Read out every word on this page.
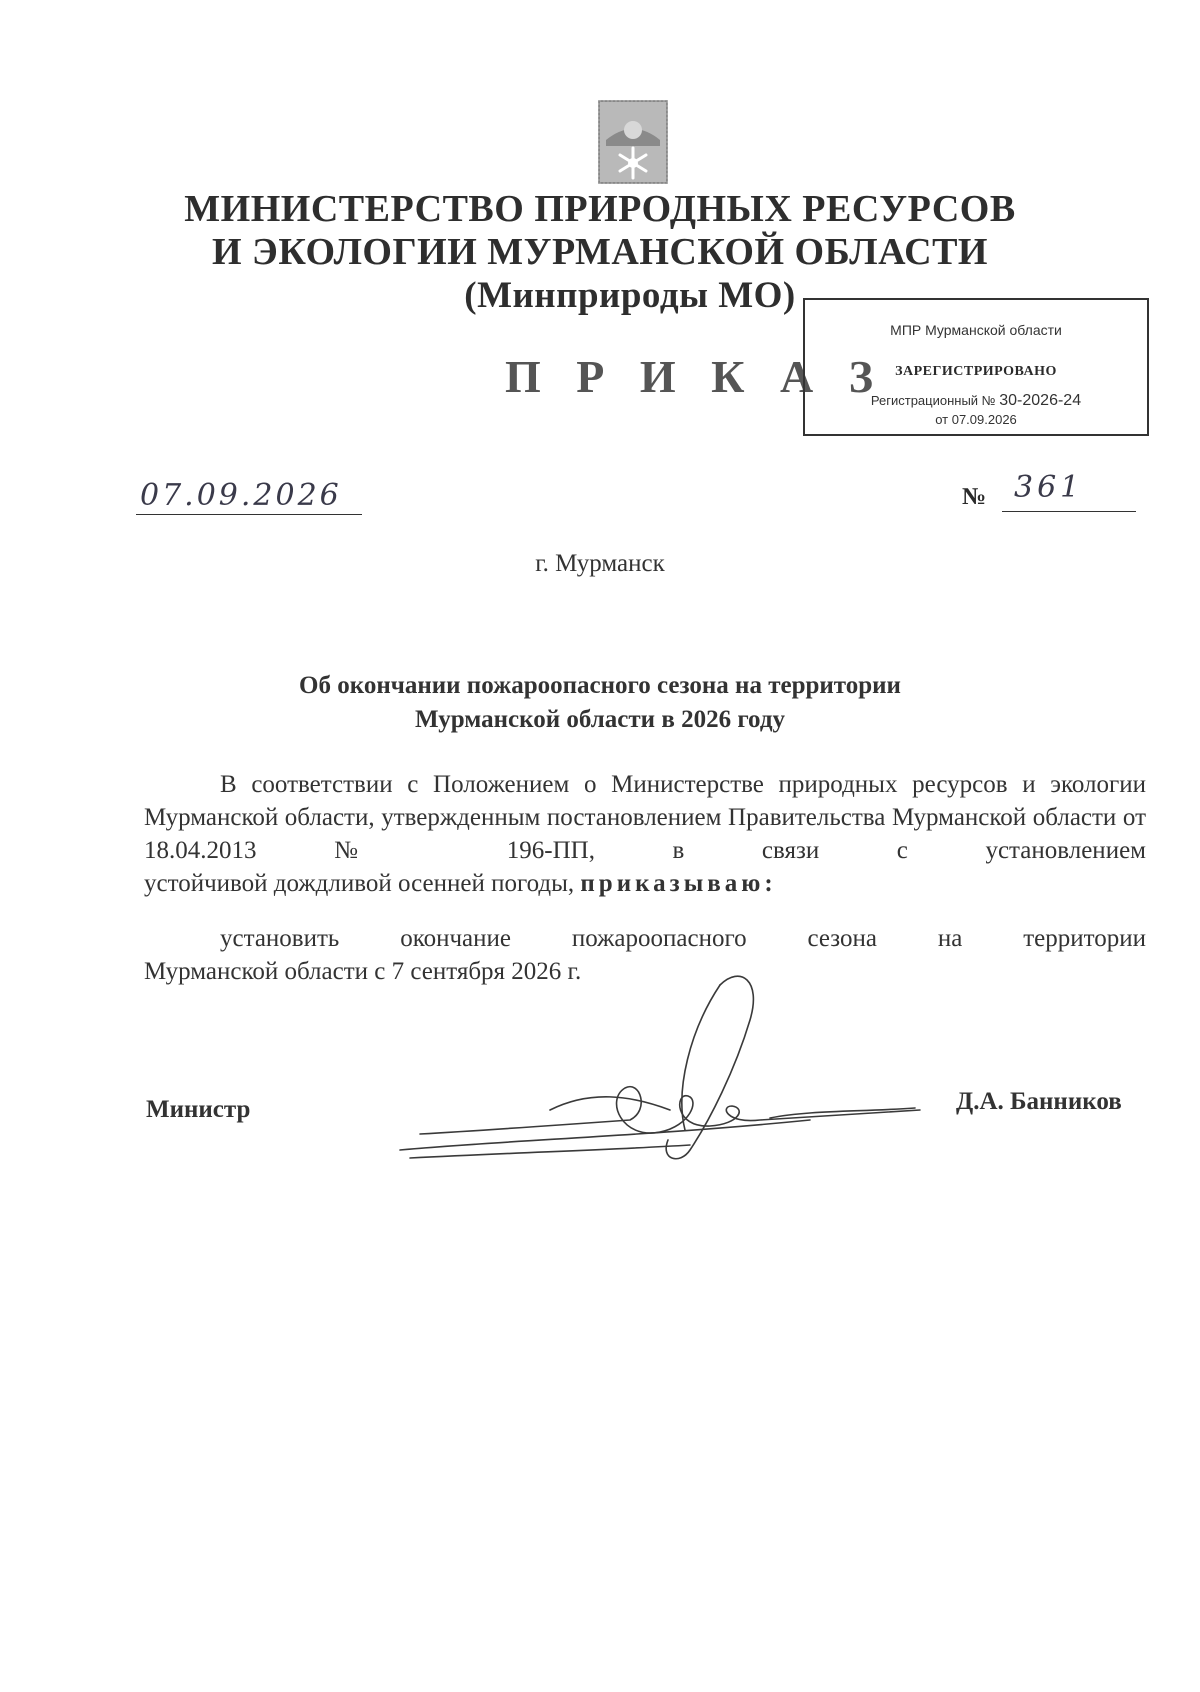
МИНИСТЕРСТВО ПРИРОДНЫХ РЕСУРСОВ
И ЭКОЛОГИИ МУРМАНСКОЙ ОБЛАСТИ
(Минприроды МО)
П Р И К А З
МПР Мурманской области
ЗАРЕГИСТРИРОВАНО
Регистрационный № 30-2026-24
от 07.09.2026
07.09.2026	№ 361
г. Мурманск
Об окончании пожароопасного сезона на территории
Мурманской области в 2026 году
В соответствии с Положением о Министерстве природных ресурсов и экологии Мурманской области, утвержденным постановлением Правительства Мурманской области от 18.04.2013 № 196-ПП, в связи с установлением
устойчивой дождливой осенней погоды, приказываю:
установить окончание пожароопасного сезона на территории
Мурманской области с 7 сентября 2026 г.
Министр	Д.А. Банников
